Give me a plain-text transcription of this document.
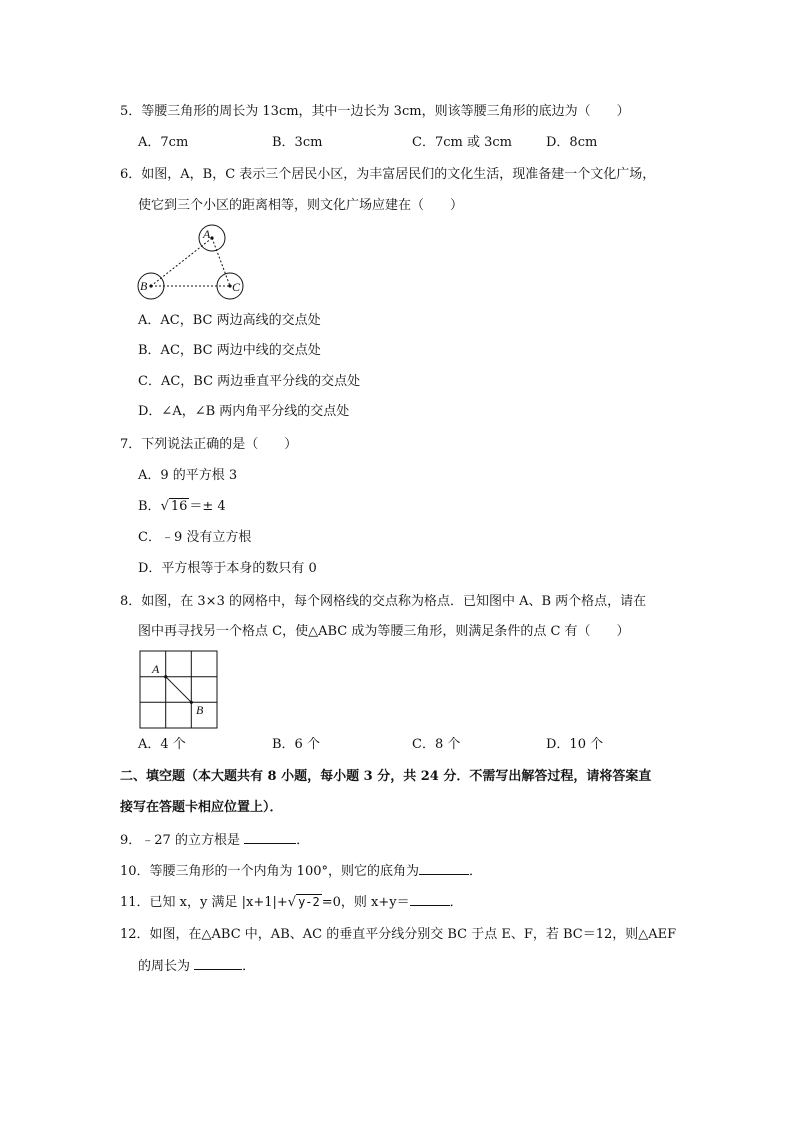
5．等腰三角形的周长为 13cm，其中一边长为 3cm，则该等腰三角形的底边为（　　）
A．7cm	B．3cm	C．7cm 或 3cm	D．8cm
6．如图，A，B，C 表示三个居民小区，为丰富居民们的文化生活，现准备建一个文化广场，
使它到三个小区的距离相等，则文化广场应建在（　　）
A
B	C
A．AC，BC 两边高线的交点处
B．AC，BC 两边中线的交点处
C．AC，BC 两边垂直平分线的交点处
D．∠A，∠B 两内角平分线的交点处
7．下列说法正确的是（　　）
A．9 的平方根 3
B．√ 16 ＝± 4
C．﹣9 没有立方根
D．平方根等于本身的数只有 0
8．如图，在 3×3 的网格中，每个网格线的交点称为格点．已知图中 A、B 两个格点，请在
图中再寻找另一个格点 C，使△ABC 成为等腰三角形，则满足条件的点 C 有（　　）
A
B
A．4 个	B．6 个	C．8 个	D．10 个
二、填空题（本大题共有 8 小题，每小题 3 分，共 24 分．不需写出解答过程，请将答案直
接写在答题卡相应位置上）．
9．﹣27 的立方根是	．
10．等腰三角形的一个内角为 100°，则它的底角为	．
11．已知 x，y 满足 |x+1|+√ y-2 =0，则 x+y＝	．
12．如图，在△ABC 中，AB、AC 的垂直平分线分别交 BC 于点 E、F，若 BC＝12，则△AEF
的周长为	．
